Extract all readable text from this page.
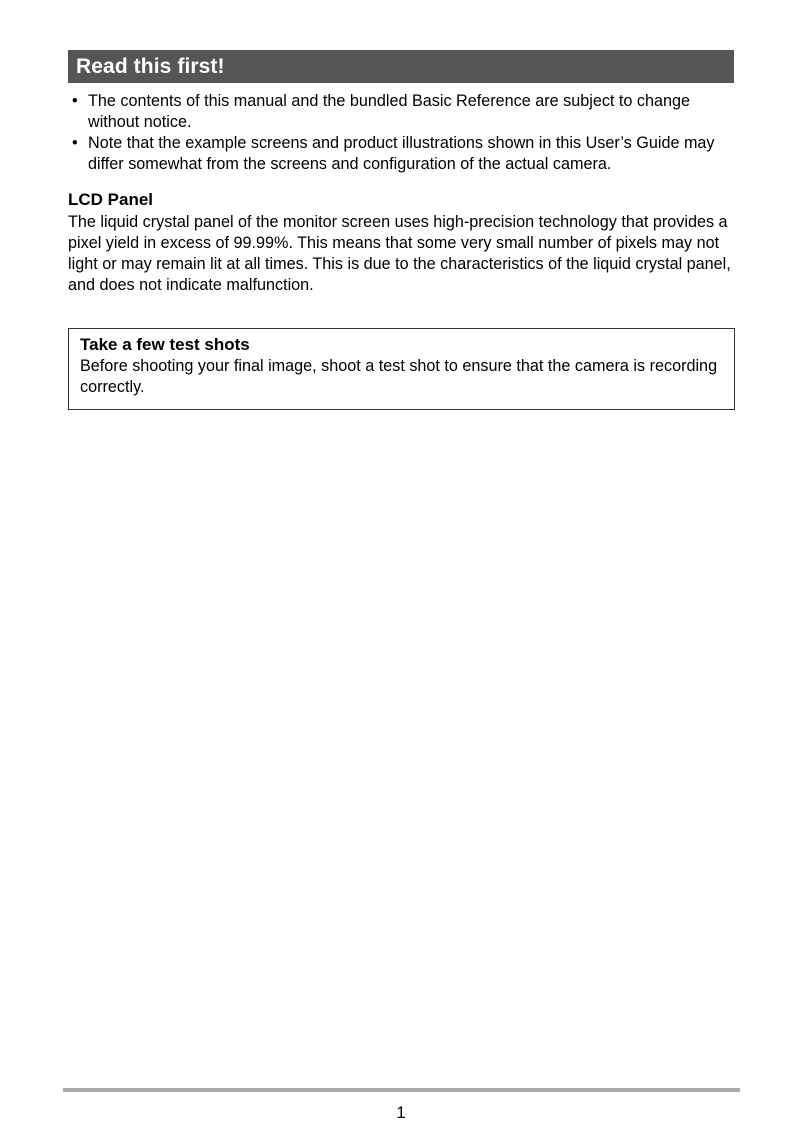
Read this first!
• The contents of this manual and the bundled Basic Reference are subject to change without notice.
• Note that the example screens and product illustrations shown in this User’s Guide may differ somewhat from the screens and configuration of the actual camera.
LCD Panel

The liquid crystal panel of the monitor screen uses high-precision technology that provides a pixel yield in excess of 99.99%. This means that some very small number of pixels may not light or may remain lit at all times. This is due to the characteristics of the liquid crystal panel, and does not indicate malfunction.

Take a few test shots
Before shooting your final image, shoot a test shot to ensure that the camera is recording correctly.
1
